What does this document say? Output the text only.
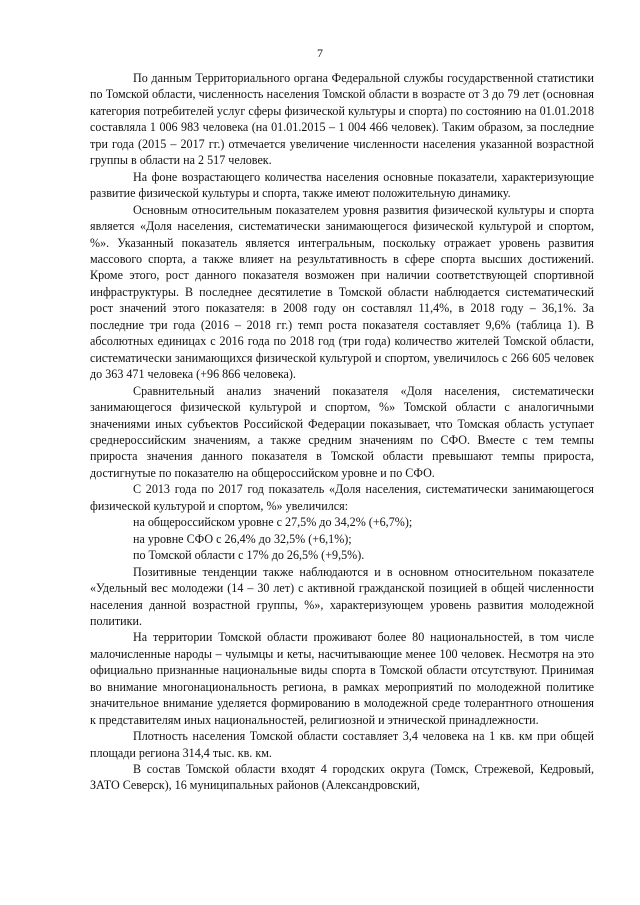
7

По данным Территориального органа Федеральной службы государственной статистики по Томской области, численность населения Томской области в возрасте от 3 до 79 лет (основная категория потребителей услуг сферы физической культуры и спорта) по состоянию на 01.01.2018 составляла 1 006 983 человека (на 01.01.2015 – 1 004 466 человек). Таким образом, за последние три года (2015 – 2017 гг.) отмечается увеличение численности населения указанной возрастной группы в области на 2 517 человек.

На фоне возрастающего количества населения основные показатели, характеризующие развитие физической культуры и спорта, также имеют положительную динамику.

Основным относительным показателем уровня развития физической культуры и спорта является «Доля населения, систематически занимающегося физической культурой и спортом, %». Указанный показатель является интегральным, поскольку отражает уровень развития массового спорта, а также влияет на результативность в сфере спорта высших достижений. Кроме этого, рост данного показателя возможен при наличии соответствующей спортивной инфраструктуры. В последнее десятилетие в Томской области наблюдается систематический рост значений этого показателя: в 2008 году он составлял 11,4%, в 2018 году – 36,1%. За последние три года (2016 – 2018 гг.) темп роста показателя составляет 9,6% (таблица 1). В абсолютных единицах с 2016 года по 2018 год (три года) количество жителей Томской области, систематически занимающихся физической культурой и спортом, увеличилось с 266 605 человек до 363 471 человека (+96 866 человека).

Сравнительный анализ значений показателя «Доля населения, систематически занимающегося физической культурой и спортом, %» Томской области с аналогичными значениями иных субъектов Российской Федерации показывает, что Томская область уступает среднероссийским значениям, а также средним значениям по СФО. Вместе с тем темпы прироста значения данного показателя в Томской области превышают темпы прироста, достигнутые по показателю на общероссийском уровне и по СФО.

С 2013 года по 2017 год показатель «Доля населения, систематически занимающегося физической культурой и спортом, %» увеличился:

на общероссийском уровне с 27,5% до 34,2% (+6,7%);

на уровне СФО с 26,4% до 32,5% (+6,1%);

по Томской области с 17% до 26,5% (+9,5%).

Позитивные тенденции также наблюдаются и в основном относительном показателе «Удельный вес молодежи (14 – 30 лет) с активной гражданской позицией в общей численности населения данной возрастной группы, %», характеризующем уровень развития молодежной политики.

На территории Томской области проживают более 80 национальностей, в том числе малочисленные народы – чулымцы и кеты, насчитывающие менее 100 человек. Несмотря на это официально признанные национальные виды спорта в Томской области отсутствуют. Принимая во внимание многонациональность региона, в рамках мероприятий по молодежной политике значительное внимание уделяется формированию в молодежной среде толерантного отношения к представителям иных национальностей, религиозной и этнической принадлежности.

Плотность населения Томской области составляет 3,4 человека на 1 кв. км при общей площади региона 314,4 тыс. кв. км.

В состав Томской области входят 4 городских округа (Томск, Стрежевой, Кедровый, ЗАТО Северск), 16 муниципальных районов (Александровский,
